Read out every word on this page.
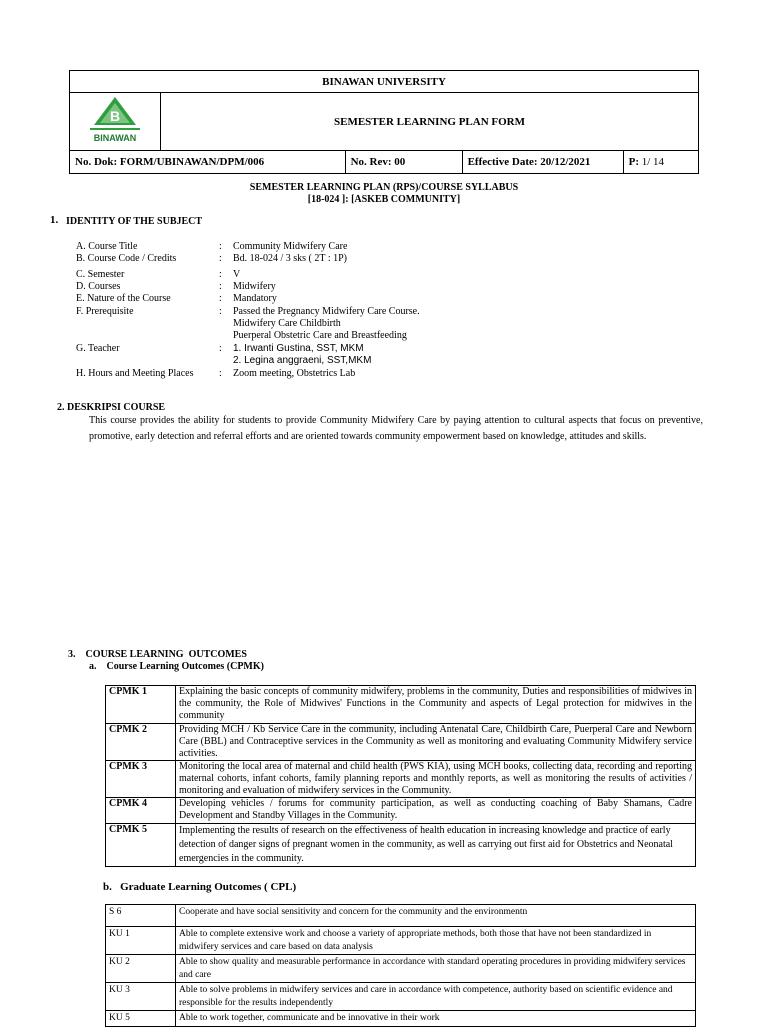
BINAWAN UNIVERSITY			

B
BINAWAN	SEMESTER LEARNING PLAN FORM		
No. Dok: FORM/UBINAWAN/DPM/006		No. Rev: 00	Effective Date: 20/12/2021 P: 1/ 14
SEMESTER LEARNING PLAN (RPS)/COURSE SYLLABUS
[18-024 ]: [ASKEB COMMUNITY]
1. IDENTITY OF THE SUBJECT
A. Course Title	: Community Midwifery Care
B. Course Code / Credits	: Bd. 18-024 / 3 sks ( 2T : 1P)
C. Semester	: V
D. Courses	: Midwifery
E. Nature of the Course	: Mandatory
F. Prerequisite	: Passed the Pregnancy Midwifery Care Course.
Midwifery Care Childbirth
Puerperal Obstetric Care and Breastfeeding
G. Teacher	: 1. Irwanti Gustina, SST, MKM
2. Legina anggraeni, SST,MKM
H. Hours and Meeting Places	: Zoom meeting, Obstetrics Lab
2. DESKRIPSI COURSE
This course provides the ability for students to provide Community Midwifery Care by paying attention to cultural aspects that focus on preventive, promotive, early detection and referral efforts and are oriented towards community empowerment based on knowledge, attitudes and skills.
3.    COURSE LEARNING  OUTCOMES
a.    Course Learning Outcomes (CPMK)
CPMK 1	Explaining the basic concepts of community midwifery, problems in the community, Duties and responsibilities of midwives in the community, the Role of Midwives' Functions in the Community and aspects of Legal protection for midwives in the community
CPMK 2	Providing MCH / Kb Service Care in the community, including Antenatal Care, Childbirth Care, Puerperal Care and Newborn Care (BBL) and Contraceptive services in the Community as well as monitoring and evaluating Community Midwifery service activities.
CPMK 3	Monitoring the local area of maternal and child health (PWS KIA), using MCH books, collecting data, recording and reporting maternal cohorts, infant cohorts, family planning reports and monthly reports, as well as monitoring the results of activities / monitoring and evaluation of midwifery services in the Community.
CPMK 4	Developing vehicles / forums for community participation, as well as conducting coaching of Baby Shamans, Cadre Development and Standby Villages in the Community.
CPMK 5	Implementing the results of research on the effectiveness of health education in increasing knowledge and practice of early detection of danger signs of pregnant women in the community, as well as carrying out first aid for Obstetrics and Neonatal emergencies in the community.
b.   Graduate Learning Outcomes ( CPL)
S 6	Cooperate and have social sensitivity and concern for the community and the environmentn
KU 1	Able to complete extensive work and choose a variety of appropriate methods, both those that have not been standardized in midwifery services and care based on data analysis
KU 2	Able to show quality and measurable performance in accordance with standard operating procedures in providing midwifery services and care
KU 3	Able to solve problems in midwifery services and care in accordance with competence, authority based on scientific evidence and responsible for the results independently
KU 5	Able to work together, communicate and be innovative in their work
